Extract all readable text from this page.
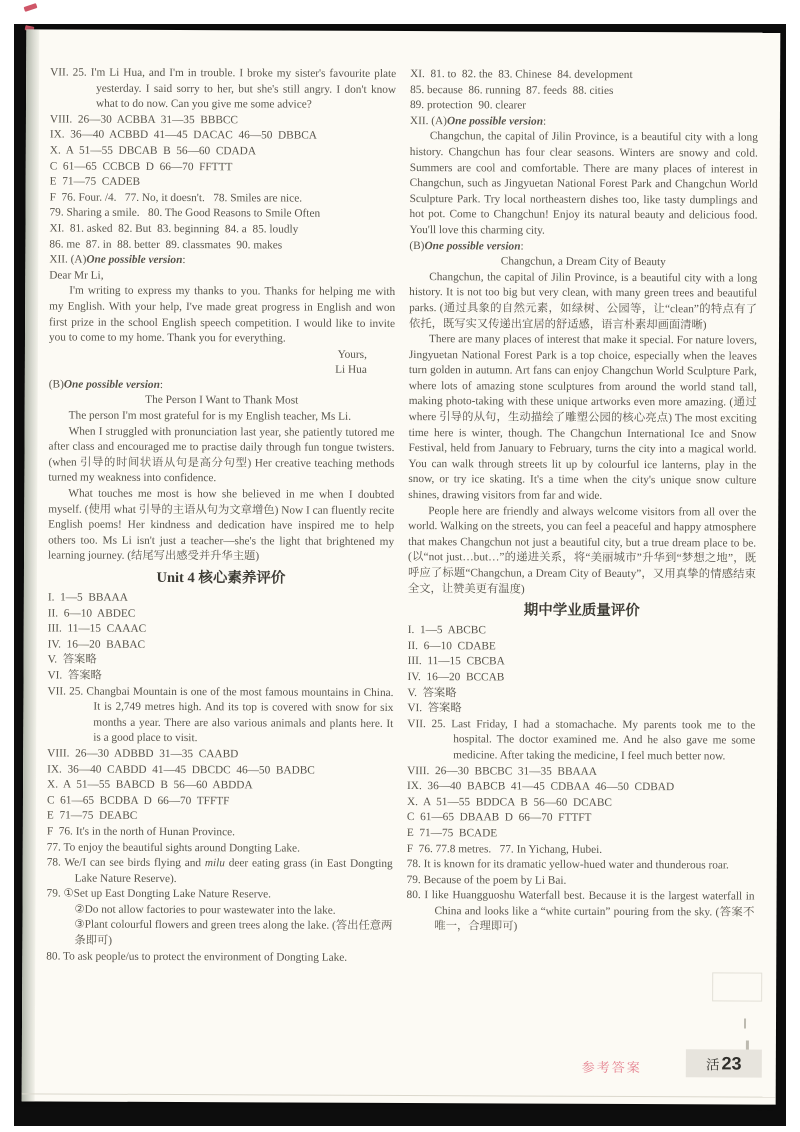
VII. 25. I'm Li Hua, and I'm in trouble. I broke my sister's favourite plate yesterday. I said sorry to her, but she's still angry. I don't know what to do now. Can you give me some advice?
VIII.  26—30  ACBBA  31—35  BBBCC
IX.  36—40  ACBBD  41—45  DACAC  46—50  DBBCA
X.  A  51—55  DBCAB  B  56—60  CDADA
C  61—65  CCBCB  D  66—70  FFTTT
E  71—75  CADEB
F  76. Four. /4.   77. No, it doesn't.   78. Smiles are nice.
79. Sharing a smile.   80. The Good Reasons to Smile Often
XI.  81. asked  82. But  83. beginning  84. a  85. loudly
86. me  87. in  88. better  89. classmates  90. makes
XII. (A)One possible version:
Dear Mr Li,
I'm writing to express my thanks to you. Thanks for helping me with my English. With your help, I've made great progress in English and won first prize in the school English speech competition. I would like to invite you to come to my home. Thank you for everything.
Yours,
Li Hua
(B)One possible version:
The Person I Want to Thank Most
The person I'm most grateful for is my English teacher, Ms Li.
When I struggled with pronunciation last year, she patiently tutored me after class and encouraged me to practise daily through fun tongue twisters. (when 引导的时间状语从句是高分句型) Her creative teaching methods turned my weakness into confidence.
What touches me most is how she believed in me when I doubted myself. (使用 what 引导的主语从句为文章增色) Now I can fluently recite English poems! Her kindness and dedication have inspired me to help others too. Ms Li isn't just a teacher—she's the light that brightened my learning journey. (结尾写出感受并升华主题)
Unit 4 核心素养评价
I.  1—5  BBAAA
II.  6—10  ABDEC
III.  11—15  CAAAC
IV.  16—20  BABAC
V.  答案略
VI.  答案略
VII. 25. Changbai Mountain is one of the most famous mountains in China. It is 2,749 metres high. And its top is covered with snow for six months a year. There are also various animals and plants here. It is a good place to visit.
VIII.  26—30  ADBBD  31—35  CAABD
IX.  36—40  CABDD  41—45  DBCDC  46—50  BADBC
X.  A  51—55  BABCD  B  56—60  ABDDA
C  61—65  BCDBA  D  66—70  TFFTF
E  71—75  DEABC
F  76. It's in the north of Hunan Province.
77. To enjoy the beautiful sights around Dongting Lake.
78. We/I can see birds flying and milu deer eating grass (in East Dongting Lake Nature Reserve).
79. ①Set up East Dongting Lake Nature Reserve.
②Do not allow factories to pour wastewater into the lake.
③Plant colourful flowers and green trees along the lake. (答出任意两条即可)
80. To ask people/us to protect the environment of Dongting Lake.
XI.  81. to  82. the  83. Chinese  84. development
85. because  86. running  87. feeds  88. cities
89. protection  90. clearer
XII. (A)One possible version:
Changchun, the capital of Jilin Province, is a beautiful city with a long history. Changchun has four clear seasons. Winters are snowy and cold. Summers are cool and comfortable. There are many places of interest in Changchun, such as Jingyuetan National Forest Park and Changchun World Sculpture Park. Try local northeastern dishes too, like tasty dumplings and hot pot. Come to Changchun! Enjoy its natural beauty and delicious food. You'll love this charming city.
(B)One possible version:
Changchun, a Dream City of Beauty
Changchun, the capital of Jilin Province, is a beautiful city with a long history. It is not too big but very clean, with many green trees and beautiful parks. (通过具象的自然元素，如绿树、公园等，让“clean”的特点有了依托，既写实又传递出宜居的舒适感，语言朴素却画面清晰)
There are many places of interest that make it special. For nature lovers, Jingyuetan National Forest Park is a top choice, especially when the leaves turn golden in autumn. Art fans can enjoy Changchun World Sculpture Park, where lots of amazing stone sculptures from around the world stand tall, making photo-taking with these unique artworks even more amazing. (通过 where 引导的从句，生动描绘了雕塑公园的核心亮点) The most exciting time here is winter, though. The Changchun International Ice and Snow Festival, held from January to February, turns the city into a magical world. You can walk through streets lit up by colourful ice lanterns, play in the snow, or try ice skating. It's a time when the city's unique snow culture shines, drawing visitors from far and wide.
People here are friendly and always welcome visitors from all over the world. Walking on the streets, you can feel a peaceful and happy atmosphere that makes Changchun not just a beautiful city, but a true dream place to be. (以“not just…but…”的递进关系，将“美丽城市”升华到“梦想之地”，既呼应了标题“Changchun, a Dream City of Beauty”，又用真挚的情感结束全文，让赞美更有温度)
期中学业质量评价
I.  1—5  ABCBC
II.  6—10  CDABE
III.  11—15  CBCBA
IV.  16—20  BCCAB
V.  答案略
VI.  答案略
VII. 25. Last Friday, I had a stomachache. My parents took me to the hospital. The doctor examined me. And he also gave me some medicine. After taking the medicine, I feel much better now.
VIII.  26—30  BBCBC  31—35  BBAAA
IX.  36—40  BABCB  41—45  CDBAA  46—50  CDBAD
X.  A  51—55  BDDCA  B  56—60  DCABC
C  61—65  DBAAB  D  66—70  FTTFT
E  71—75  BCADE
F  76. 77.8 metres.   77. In Yichang, Hubei.
78. It is known for its dramatic yellow-hued water and thunderous roar.
79. Because of the poem by Li Bai.
80. I like Huangguoshu Waterfall best. Because it is the largest waterfall in China and looks like a “white curtain” pouring from the sky. (答案不唯一，合理即可)
参考答案	活 23
